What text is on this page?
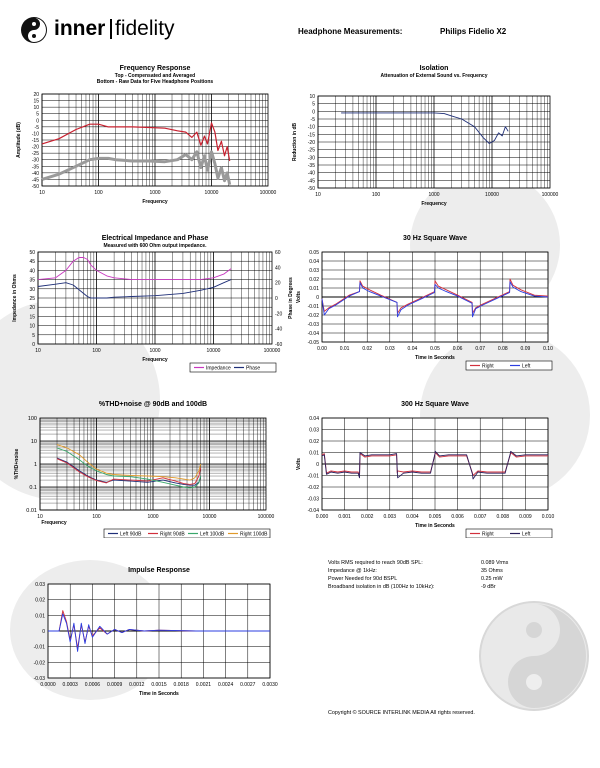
inner fidelity	Headphone Measurements:	Philips Fidelio X2
Frequency Response
Top - Compensated and Averaged
Bottom - Raw Data for Five Headphone Positions
20
15
10
5
0
-5
-10
-15
-20
-25
-30
-35
-40
-45
-50
10	100	1000	10000	100000
Frequency
Amplitude (dB)
Isolation
Attenuation of External Sound vs. Frequency
10
5
0
-5
-10
-15
-20
-25
-30
-35
-40
-45
-50
10	100	1000	10000	100000
Frequency
Reduction in dB
Electrical Impedance and Phase
Measured with 600 Ohm output impedance.
50
45
40
35
30
25
20
15
10
5
0
60
40
20
0
-20
-40
-60
Phase in Degrees
10	100	1000	10000	100000
Frequency
Impedance in Ohms
Impedance	Phase
30 Hz Square Wave
0.05
0.04
0.03
0.02
0.01
0
-0.01
-0.02
-0.03
-0.04
-0.05
0.00	0.01	0.02	0.03	0.04	0.05	0.06	0.07	0.08	0.09	0.10
Time in Seconds
Volts
Right	Left
%THD+noise @ 90dB and 100dB
100
10
1
0.1
0.01
10	100	1000	10000	100000
Frequency
%THD+noise
Left 90dB	Right 90dB	Left 100dB	Right 100dB
300 Hz Square Wave
0.04
0.03
0.02
0.01
0
-0.01
-0.02
-0.03
-0.04
0.000 0.001 0.002 0.003 0.004 0.005 0.006 0.007 0.008 0.009 0.010
Time in Seconds
Volts
Right	Left
Impulse Response
0.03
0.02
0.01
0
-0.01
-0.02
-0.03
0.0000 0.0003 0.0006 0.0009 0.0012 0.0015 0.0018 0.0021 0.0024 0.0027 0.0030
Time in Seconds
Volts RMS required to reach 90dB SPL:	0.089 Vrms
Impedance @ 1kHz:	35 Ohms
Power Needed for 90d BSPL	0.25 mW
Broadband isolation in dB (100Hz to 10kHz):	-9 dBr
Copyright © SOURCE INTERLINK MEDIA All rights reserved.
